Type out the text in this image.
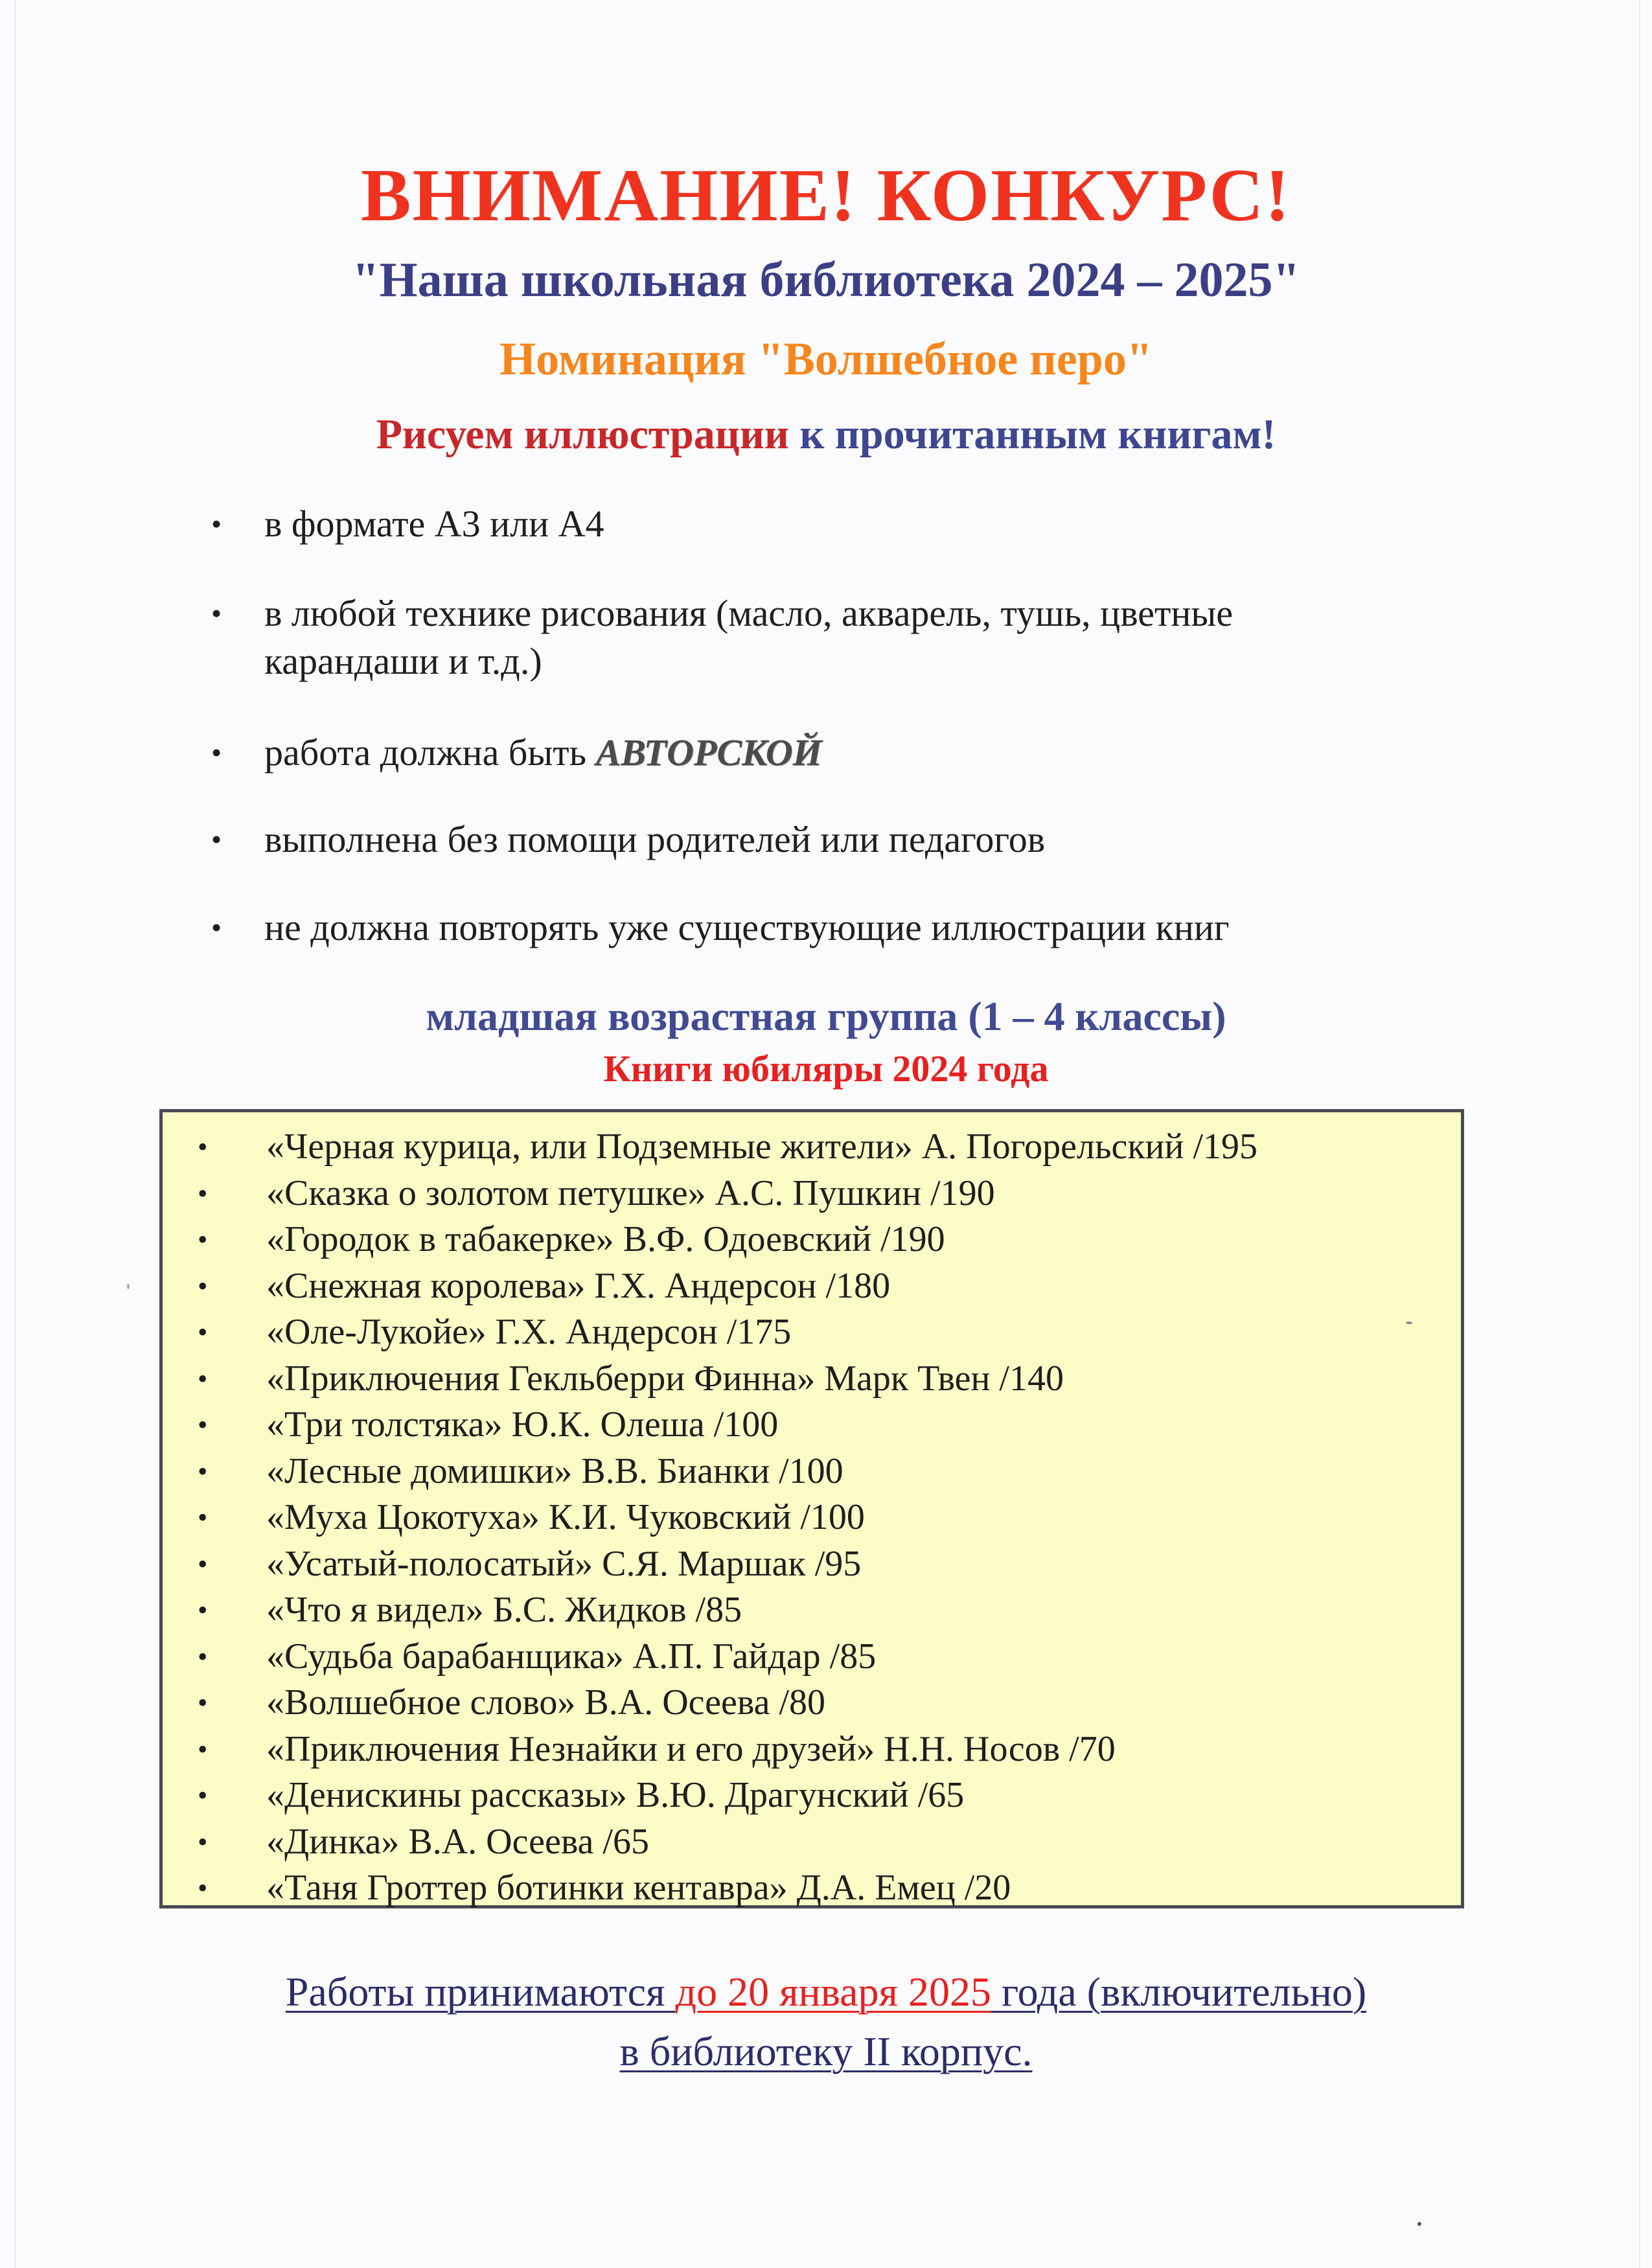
ВНИМАНИЕ! КОНКУРС!
"Наша школьная библиотека 2024 – 2025"
Номинация "Волшебное перо"
Рисуем иллюстрации к прочитанным книгам!
•	в формате А3 или А4
•	в любой технике рисования (масло, акварель, тушь, цветные
карандаши и т.д.)
•	работа должна быть АВТОРСКОЙ
•	выполнена без помощи родителей или педагогов
•	не должна повторять уже существующие иллюстрации книг
младшая возрастная группа (1 – 4 классы)
Книги юбиляры 2024 года
• «Черная курица, или Подземные жители» А. Погорельский /195
• «Сказка о золотом петушке» А.С. Пушкин /190
• «Городок в табакерке» В.Ф. Одоевский /190
• «Снежная королева» Г.Х. Андерсон /180
• «Оле-Лукойе» Г.Х. Андерсон /175
• «Приключения Гекльберри Финна» Марк Твен /140
• «Три толстяка» Ю.К. Олеша /100
• «Лесные домишки» В.В. Бианки /100
• «Муха Цокотуха» К.И. Чуковский /100
• «Усатый-полосатый» С.Я. Маршак /95
• «Что я видел» Б.С. Жидков /85
• «Судьба барабанщика» А.П. Гайдар /85
• «Волшебное слово» В.А. Осеева /80
• «Приключения Незнайки и его друзей» Н.Н. Носов /70
• «Денискины рассказы» В.Ю. Драгунский /65
• «Динка» В.А. Осеева /65
• «Таня Гроттер ботинки кентавра» Д.А. Емец /20
Работы принимаются до 20 января 2025 года (включительно)
в библиотеку II корпус.
